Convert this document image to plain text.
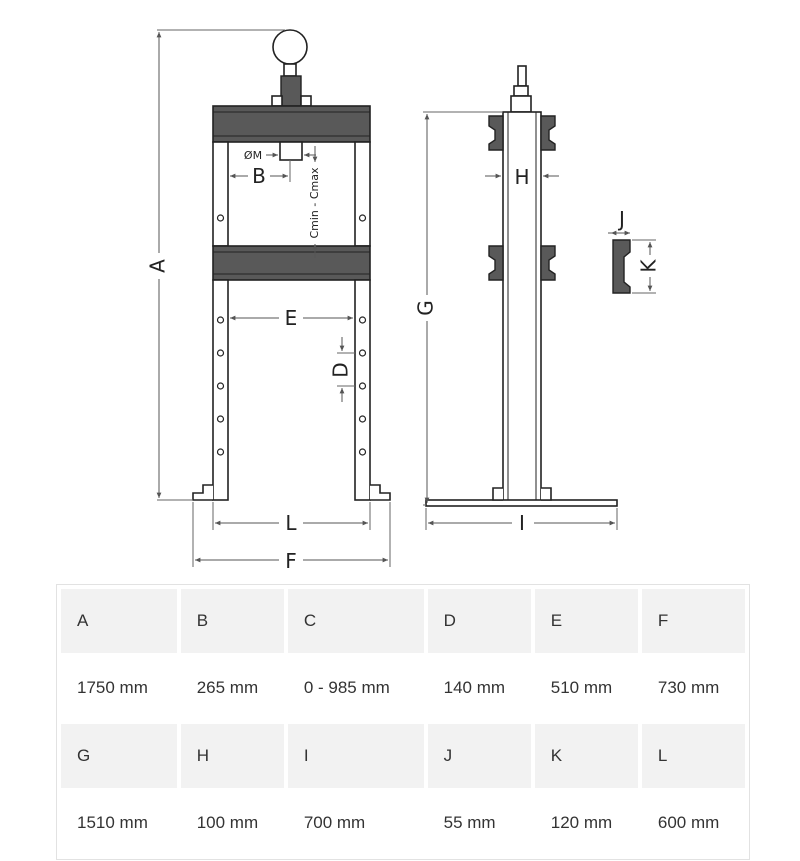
A
ØM
B	Cmin - Cmax
E
D
L
F
G
H
I
J
K
A	B	C	D	E	F
1750 mm	265 mm	0 - 985 mm	140 mm	510 mm	730 mm
G	H	I	J	K	L
1510 mm	100 mm	700 mm	55 mm	120 mm	600 mm
